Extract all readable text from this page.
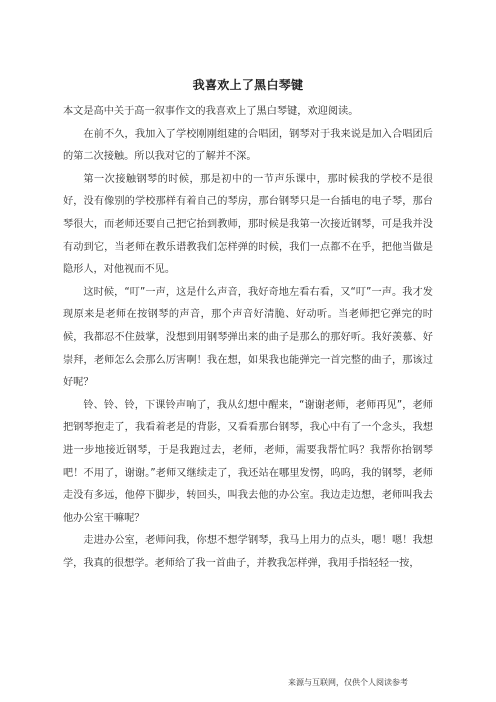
我喜欢上了黑白琴键

本文是高中关于高一叙事作文的我喜欢上了黑白琴键，欢迎阅读。

在前不久，我加入了学校刚刚组建的合唱团，钢琴对于我来说是加入合唱团后的第二次接触。所以我对它的了解并不深。

第一次接触钢琴的时候，那是初中的一节声乐课中，那时候我的学校不是很好，没有像别的学校那样有着自己的琴房，那台钢琴只是一台插电的电子琴，那台琴很大，而老师还要自己把它抬到教师，那时候是我第一次接近钢琴，可是我并没有动到它，当老师在教乐谱教我们怎样弹的时候，我们一点都不在乎，把他当做是隐形人，对他视而不见。

这时候，“叮”一声，这是什么声音，我好奇地左看右看，又“叮”一声。我才发现原来是老师在按钢琴的声音，那个声音好清脆、好动听。当老师把它弹完的时候，我都忍不住鼓掌，没想到用钢琴弹出来的曲子是那么的那好听。我好羡慕、好崇拜，老师怎么会那么厉害啊！我在想，如果我也能弹完一首完整的曲子，那该过好呢？

铃、铃、铃，下课铃声响了，我从幻想中醒来，“谢谢老师，老师再见”，老师把钢琴抱走了，我看着老是的背影，又看看那台钢琴，我心中有了一个念头，我想进一步地接近钢琴，于是我跑过去，老师，老师，需要我帮忙吗？我帮你抬钢琴吧！不用了，谢谢。”老师又继续走了，我还站在哪里发愣，呜呜，我的钢琴，老师走没有多远，他停下脚步，转回头，叫我去他的办公室。我边走边想，老师叫我去他办公室干嘛呢？

走进办公室，老师问我，你想不想学钢琴，我马上用力的点头，嗯！嗯！我想学，我真的很想学。老师给了我一首曲子，并教我怎样弹，我用手指轻轻一按，

来源与互联网，仅供个人阅读参考
